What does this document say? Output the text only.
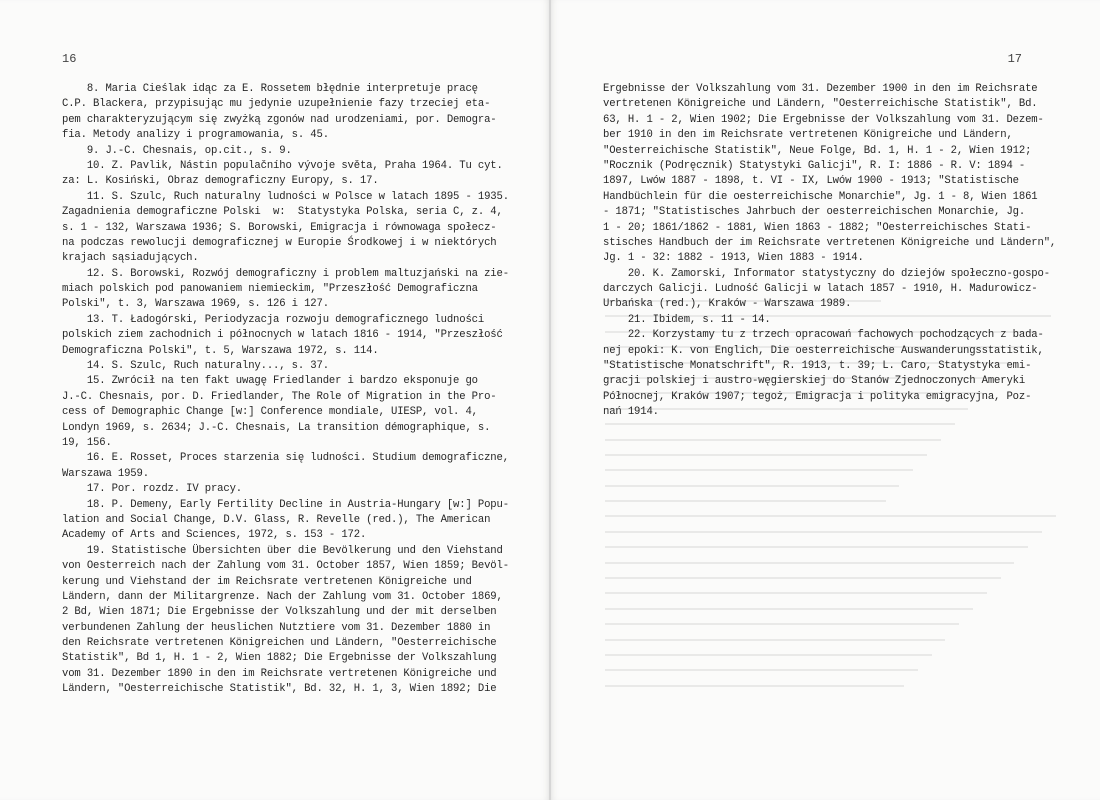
16
8. Maria Cieślak idąc za E. Rossetem błędnie interpretuje pracę
C.P. Blackera, przypisując mu jedynie uzupełnienie fazy trzeciej eta-
pem charakteryzującym się zwyżką zgonów nad urodzeniami, por. Demogra-
fia. Metody analizy i programowania, s. 45.
9. J.-C. Chesnais, op.cit., s. 9.
10. Z. Pavlik, Nástin populačního vývoje světa, Praha 1964. Tu cyt.
za: L. Kosiński, Obraz demograficzny Europy, s. 17.
11. S. Szulc, Ruch naturalny ludności w Polsce w latach 1895 - 1935.
Zagadnienia demograficzne Polski  w:  Statystyka Polska, seria C, z. 4,
s. 1 - 132, Warszawa 1936; S. Borowski, Emigracja i równowaga społecz-
na podczas rewolucji demograficznej w Europie Środkowej i w niektórych
krajach sąsiadujących.
12. S. Borowski, Rozwój demograficzny i problem maltuzjański na zie-
miach polskich pod panowaniem niemieckim, "Przeszłość Demograficzna
Polski", t. 3, Warszawa 1969, s. 126 i 127.
13. T. Ładogórski, Periodyzacja rozwoju demograficznego ludności
polskich ziem zachodnich i północnych w latach 1816 - 1914, "Przeszłość
Demograficzna Polski", t. 5, Warszawa 1972, s. 114.
14. S. Szulc, Ruch naturalny..., s. 37.
15. Zwrócił na ten fakt uwagę Friedlander i bardzo eksponuje go
J.-C. Chesnais, por. D. Friedlander, The Role of Migration in the Pro-
cess of Demographic Change [w:] Conference mondiale, UIESP, vol. 4,
Londyn 1969, s. 2634; J.-C. Chesnais, La transition démographique, s.
19, 156.
16. E. Rosset, Proces starzenia się ludności. Studium demograficzne,
Warszawa 1959.
17. Por. rozdz. IV pracy.
18. P. Demeny, Early Fertility Decline in Austria-Hungary [w:] Popu-
lation and Social Change, D.V. Glass, R. Revelle (red.), The American
Academy of Arts and Sciences, 1972, s. 153 - 172.
19. Statistische Übersichten über die Bevölkerung und den Viehstand
von Oesterreich nach der Zahlung vom 31. October 1857, Wien 1859; Bevöl-
kerung und Viehstand der im Reichsrate vertretenen Königreiche und
Ländern, dann der Militargrenze. Nach der Zahlung vom 31. October 1869,
2 Bd, Wien 1871; Die Ergebnisse der Volkszahlung und der mit derselben
verbundenen Zahlung der heuslichen Nutztiere vom 31. Dezember 1880 in
den Reichsrate vertretenen Königreichen und Ländern, "Oesterreichische
Statistik", Bd 1, H. 1 - 2, Wien 1882; Die Ergebnisse der Volkszahlung
vom 31. Dezember 1890 in den im Reichsrate vertretenen Königreiche und
Ländern, "Oesterreichische Statistik", Bd. 32, H. 1, 3, Wien 1892; Die
17
Ergebnisse der Volkszahlung vom 31. Dezember 1900 in den im Reichsrate
vertretenen Königreiche und Ländern, "Oesterreichische Statistik", Bd.
63, H. 1 - 2, Wien 1902; Die Ergebnisse der Volkszahlung vom 31. Dezem-
ber 1910 in den im Reichsrate vertretenen Königreiche und Ländern,
"Oesterreichische Statistik", Neue Folge, Bd. 1, H. 1 - 2, Wien 1912;
"Rocznik (Podręcznik) Statystyki Galicji", R. I: 1886 - R. V: 1894 -
1897, Lwów 1887 - 1898, t. VI - IX, Lwów 1900 - 1913; "Statistische
Handbüchlein für die oesterreichische Monarchie", Jg. 1 - 8, Wien 1861
- 1871; "Statistisches Jahrbuch der oesterreichischen Monarchie, Jg.
1 - 20; 1861/1862 - 1881, Wien 1863 - 1882; "Oesterreichisches Stati-
stisches Handbuch der im Reichsrate vertretenen Königreiche und Ländern",
Jg. 1 - 32: 1882 - 1913, Wien 1883 - 1914.
20. K. Zamorski, Informator statystyczny do dziejów społeczno-gospo-
darczych Galicji. Ludność Galicji w latach 1857 - 1910, H. Madurowicz-
Urbańska (red.), Kraków - Warszawa 1989.
21. Ibidem, s. 11 - 14.
22. Korzystamy tu z trzech opracowań fachowych pochodzących z bada-
nej epoki: K. von Englich, Die oesterreichische Auswanderungsstatistik,
"Statistische Monatschrift", R. 1913, t. 39; L. Caro, Statystyka emi-
gracji polskiej i austro-węgierskiej do Stanów Zjednoczonych Ameryki
Północnej, Kraków 1907; tegoż, Emigracja i polityka emigracyjna, Poz-
nań 1914.
